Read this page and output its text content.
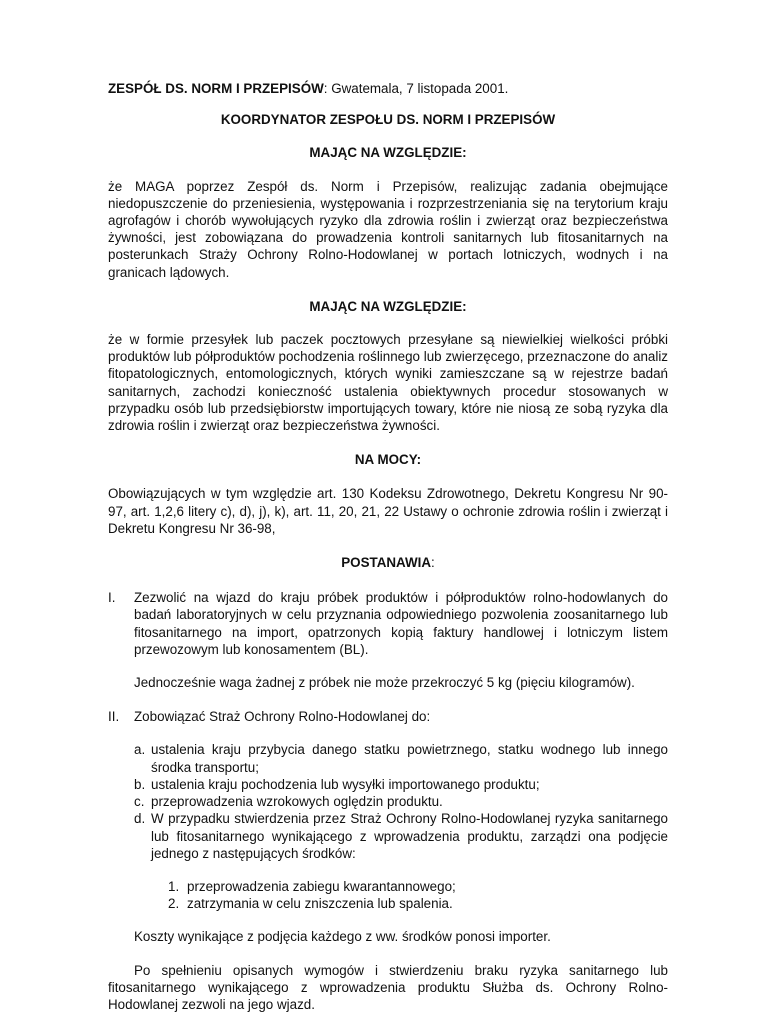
ZESPÓŁ DS. NORM I PRZEPISÓW: Gwatemala, 7 listopada 2001.

KOORDYNATOR ZESPOŁU DS. NORM I PRZEPISÓW

MAJĄC NA WZGLĘDZIE:

że MAGA poprzez Zespół ds. Norm i Przepisów, realizując zadania obejmujące niedopuszczenie do przeniesienia, występowania i rozprzestrzeniania się na terytorium kraju agrofagów i chorób wywołujących ryzyko dla zdrowia roślin i zwierząt oraz bezpieczeństwa żywności, jest zobowiązana do prowadzenia kontroli sanitarnych lub fitosanitarnych na posterunkach Straży Ochrony Rolno-Hodowlanej w portach lotniczych, wodnych i na granicach lądowych.

MAJĄC NA WZGLĘDZIE:

że w formie przesyłek lub paczek pocztowych przesyłane są niewielkiej wielkości próbki produktów lub półproduktów pochodzenia roślinnego lub zwierzęcego, przeznaczone do analiz fitopatologicznych, entomologicznych, których wyniki zamieszczane są w rejestrze badań sanitarnych, zachodzi konieczność ustalenia obiektywnych procedur stosowanych w przypadku osób lub przedsiębiorstw importujących towary, które nie niosą ze sobą ryzyka dla zdrowia roślin i zwierząt oraz bezpieczeństwa żywności.

NA MOCY:

Obowiązujących w tym względzie art. 130 Kodeksu Zdrowotnego, Dekretu Kongresu Nr 90-97, art. 1,2,6 litery c), d), j), k), art. 11, 20, 21, 22 Ustawy o ochronie zdrowia roślin i zwierząt i Dekretu Kongresu Nr 36-98,

POSTANAWIA:

I. Zezwolić na wjazd do kraju próbek produktów i półproduktów rolno-hodowlanych do badań laboratoryjnych w celu przyznania odpowiedniego pozwolenia zoosanitarnego lub fitosanitarnego na import, opatrzonych kopią faktury handlowej i lotniczym listem przewozowym lub konosamentem (BL).

Jednocześnie waga żadnej z próbek nie może przekroczyć 5 kg (pięciu kilogramów).

II. Zobowiązać Straż Ochrony Rolno-Hodowlanej do:

a. ustalenia kraju przybycia danego statku powietrznego, statku wodnego lub innego środka transportu;
b. ustalenia kraju pochodzenia lub wysyłki importowanego produktu;
c. przeprowadzenia wzrokowych oględzin produktu.
d. W przypadku stwierdzenia przez Straż Ochrony Rolno-Hodowlanej ryzyka sanitarnego lub fitosanitarnego wynikającego z wprowadzenia produktu, zarządzi ona podjęcie jednego z następujących środków:
1. przeprowadzenia zabiegu kwarantannowego;
2. zatrzymania w celu zniszczenia lub spalenia.

Koszty wynikające z podjęcia każdego z ww. środków ponosi importer.

Po spełnieniu opisanych wymogów i stwierdzeniu braku ryzyka sanitarnego lub fitosanitarnego wynikającego z wprowadzenia produktu Służba ds. Ochrony Rolno-Hodowlanej zezwoli na jego wjazd.
